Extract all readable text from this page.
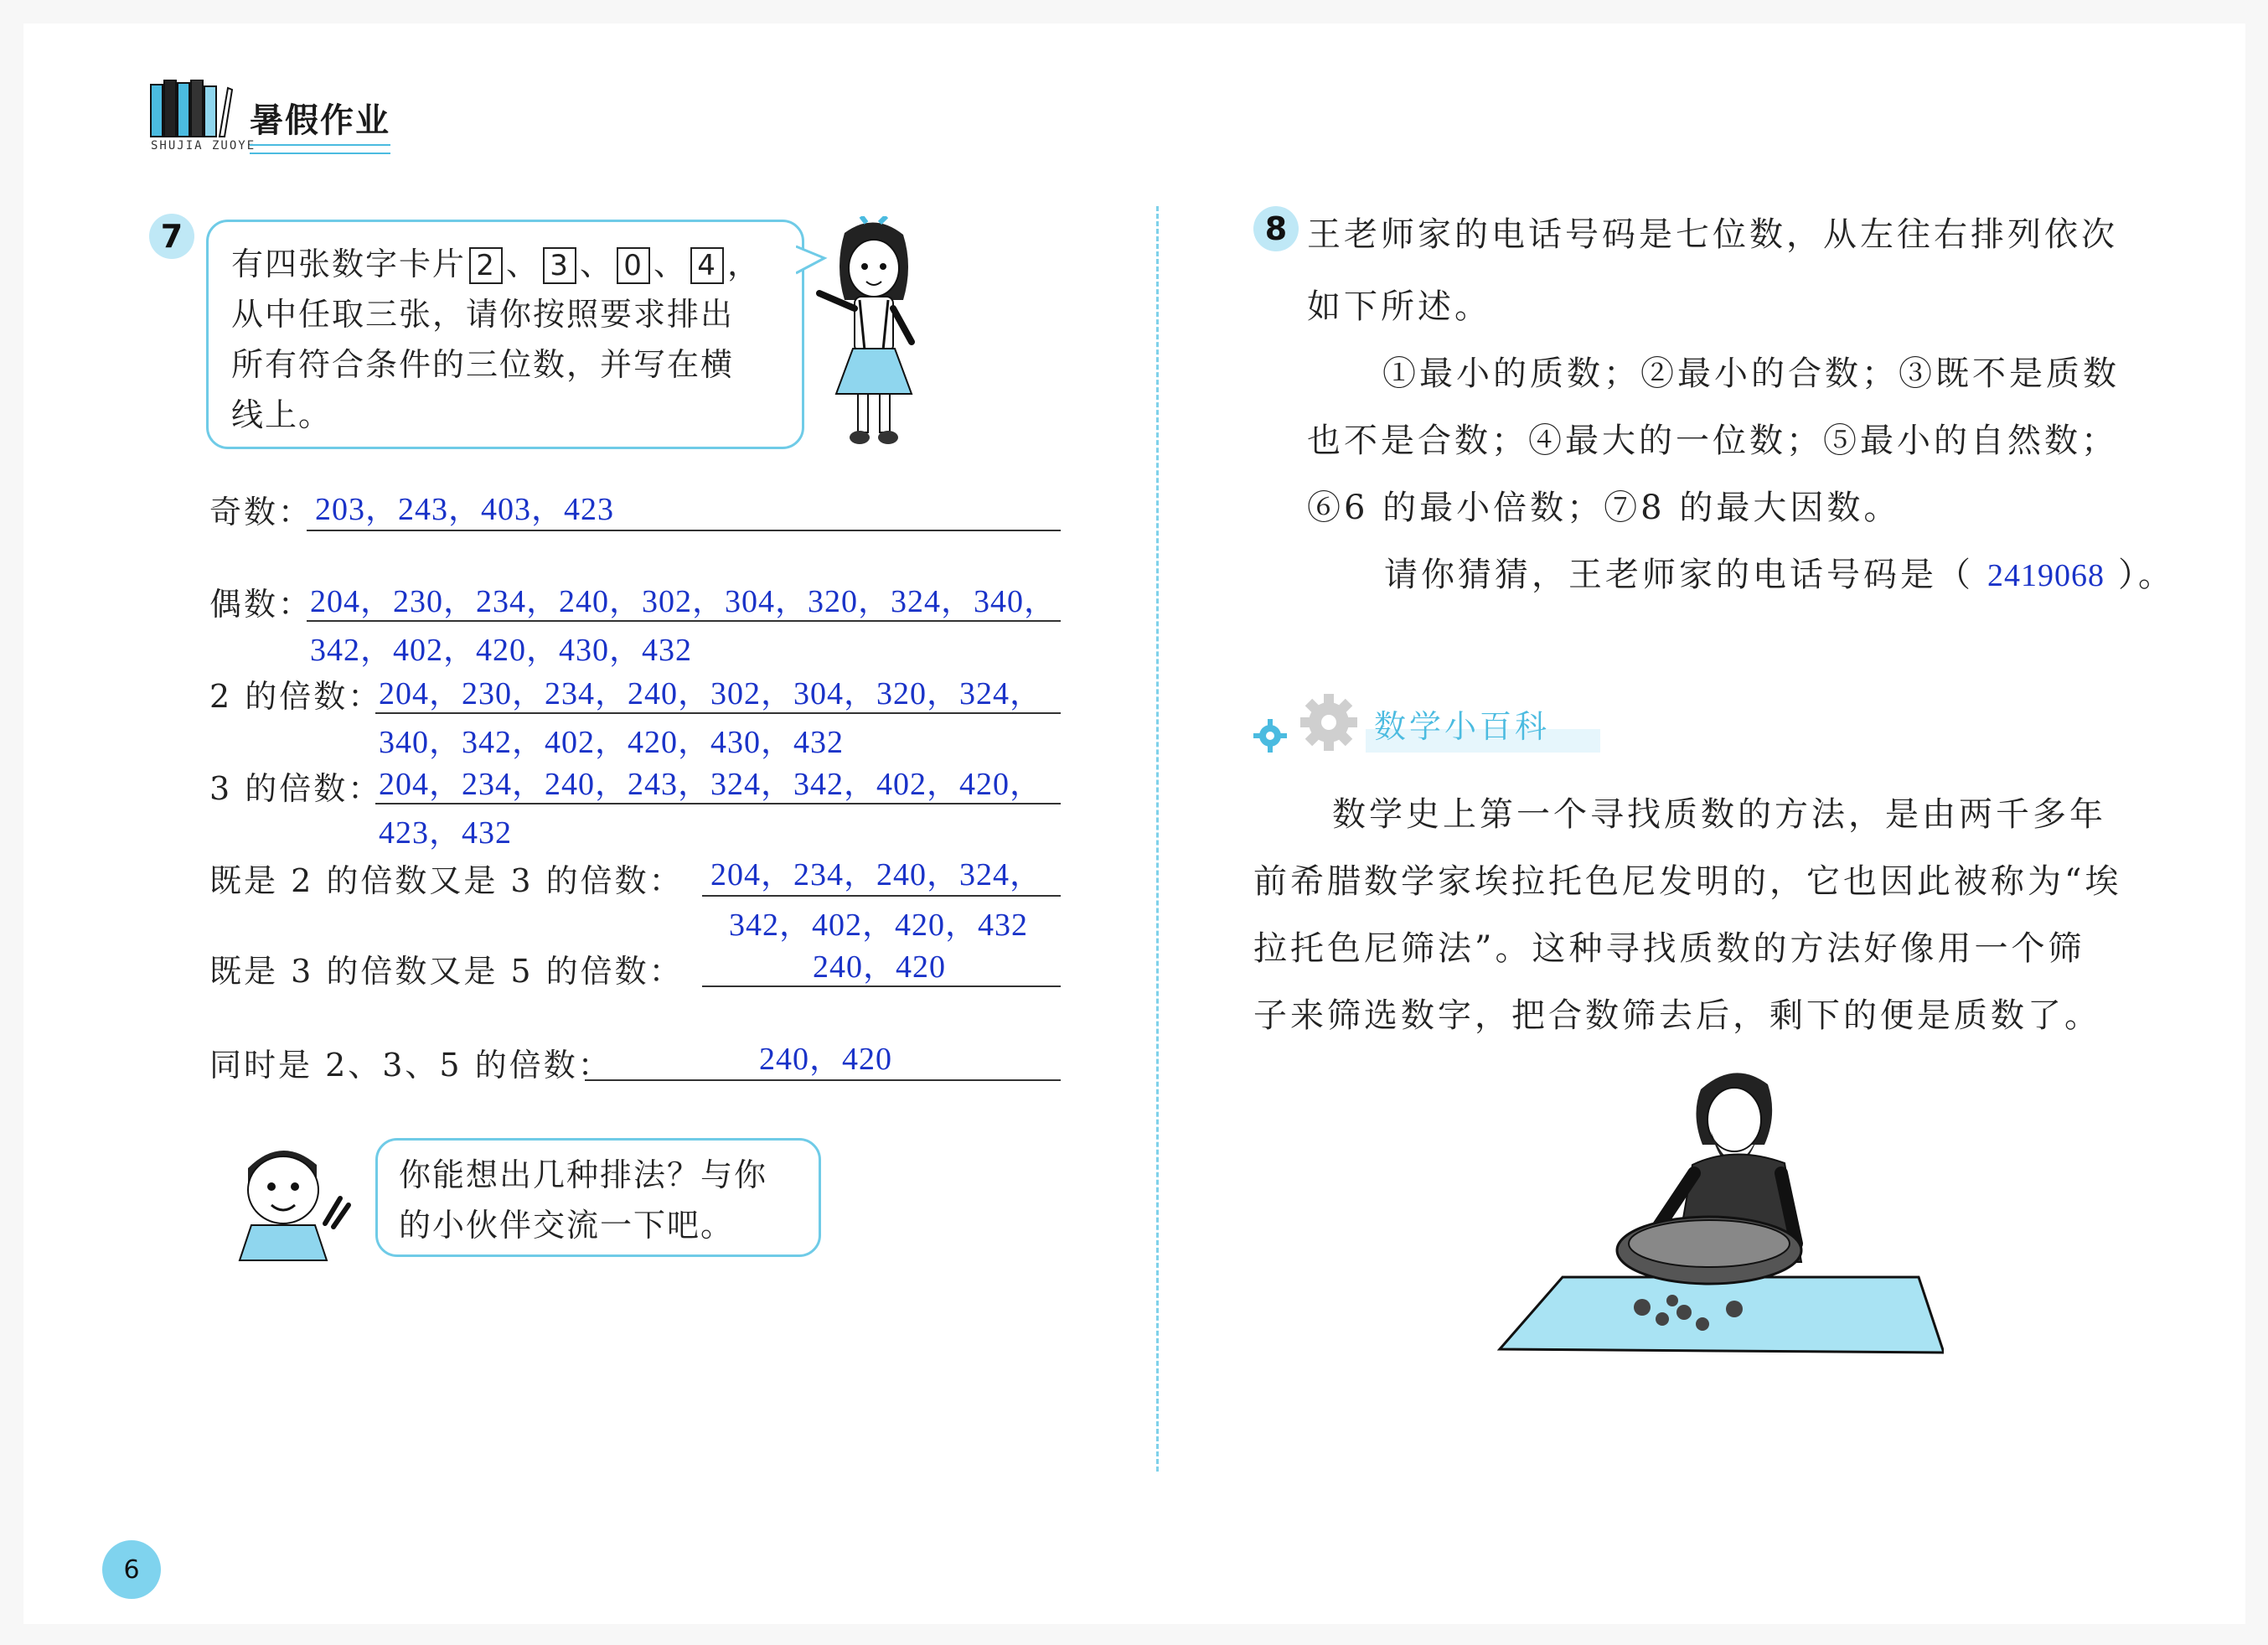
暑假作业
SHUJIA ZUOYE
7
有四张数字卡片 2 、 3 、 0 、 4 ，
从中任取三张，请你按照要求排出
所有符合条件的三位数，并写在横
线上。
奇数： 203，243，403，423
偶数：
204，230，234，240，302，304，320，324，340，
342，402，420，430，432
2 的倍数：
204，230，234，240，302，304，320，324，
340，342，402，420，430，432
3 的倍数：
204，234，240，243，324，342，402，420，
423，432
既是 2 的倍数又是 3 的倍数： 204，234，240，324，
342，402，420，432
既是 3 的倍数又是 5 的倍数：	240，420
同时是 2、3、5 的倍数：	240，420
你能想出几种排法？与你
的小伙伴交流一下吧。
8 王老师家的电话号码是七位数，从左往右排列依次
如下所述。
①最小的质数；②最小的合数；③既不是质数
也不是合数；④最大的一位数；⑤最小的自然数；
⑥6 的最小倍数；⑦8 的最大因数。
请你猜猜，王老师家的电话号码是（ 2419068 ）。
数学小百科
数学史上第一个寻找质数的方法，是由两千多年
前希腊数学家埃拉托色尼发明的，它也因此被称为“埃
拉托色尼筛法”。这种寻找质数的方法好像用一个筛
子来筛选数字，把合数筛去后，剩下的便是质数了。
6
